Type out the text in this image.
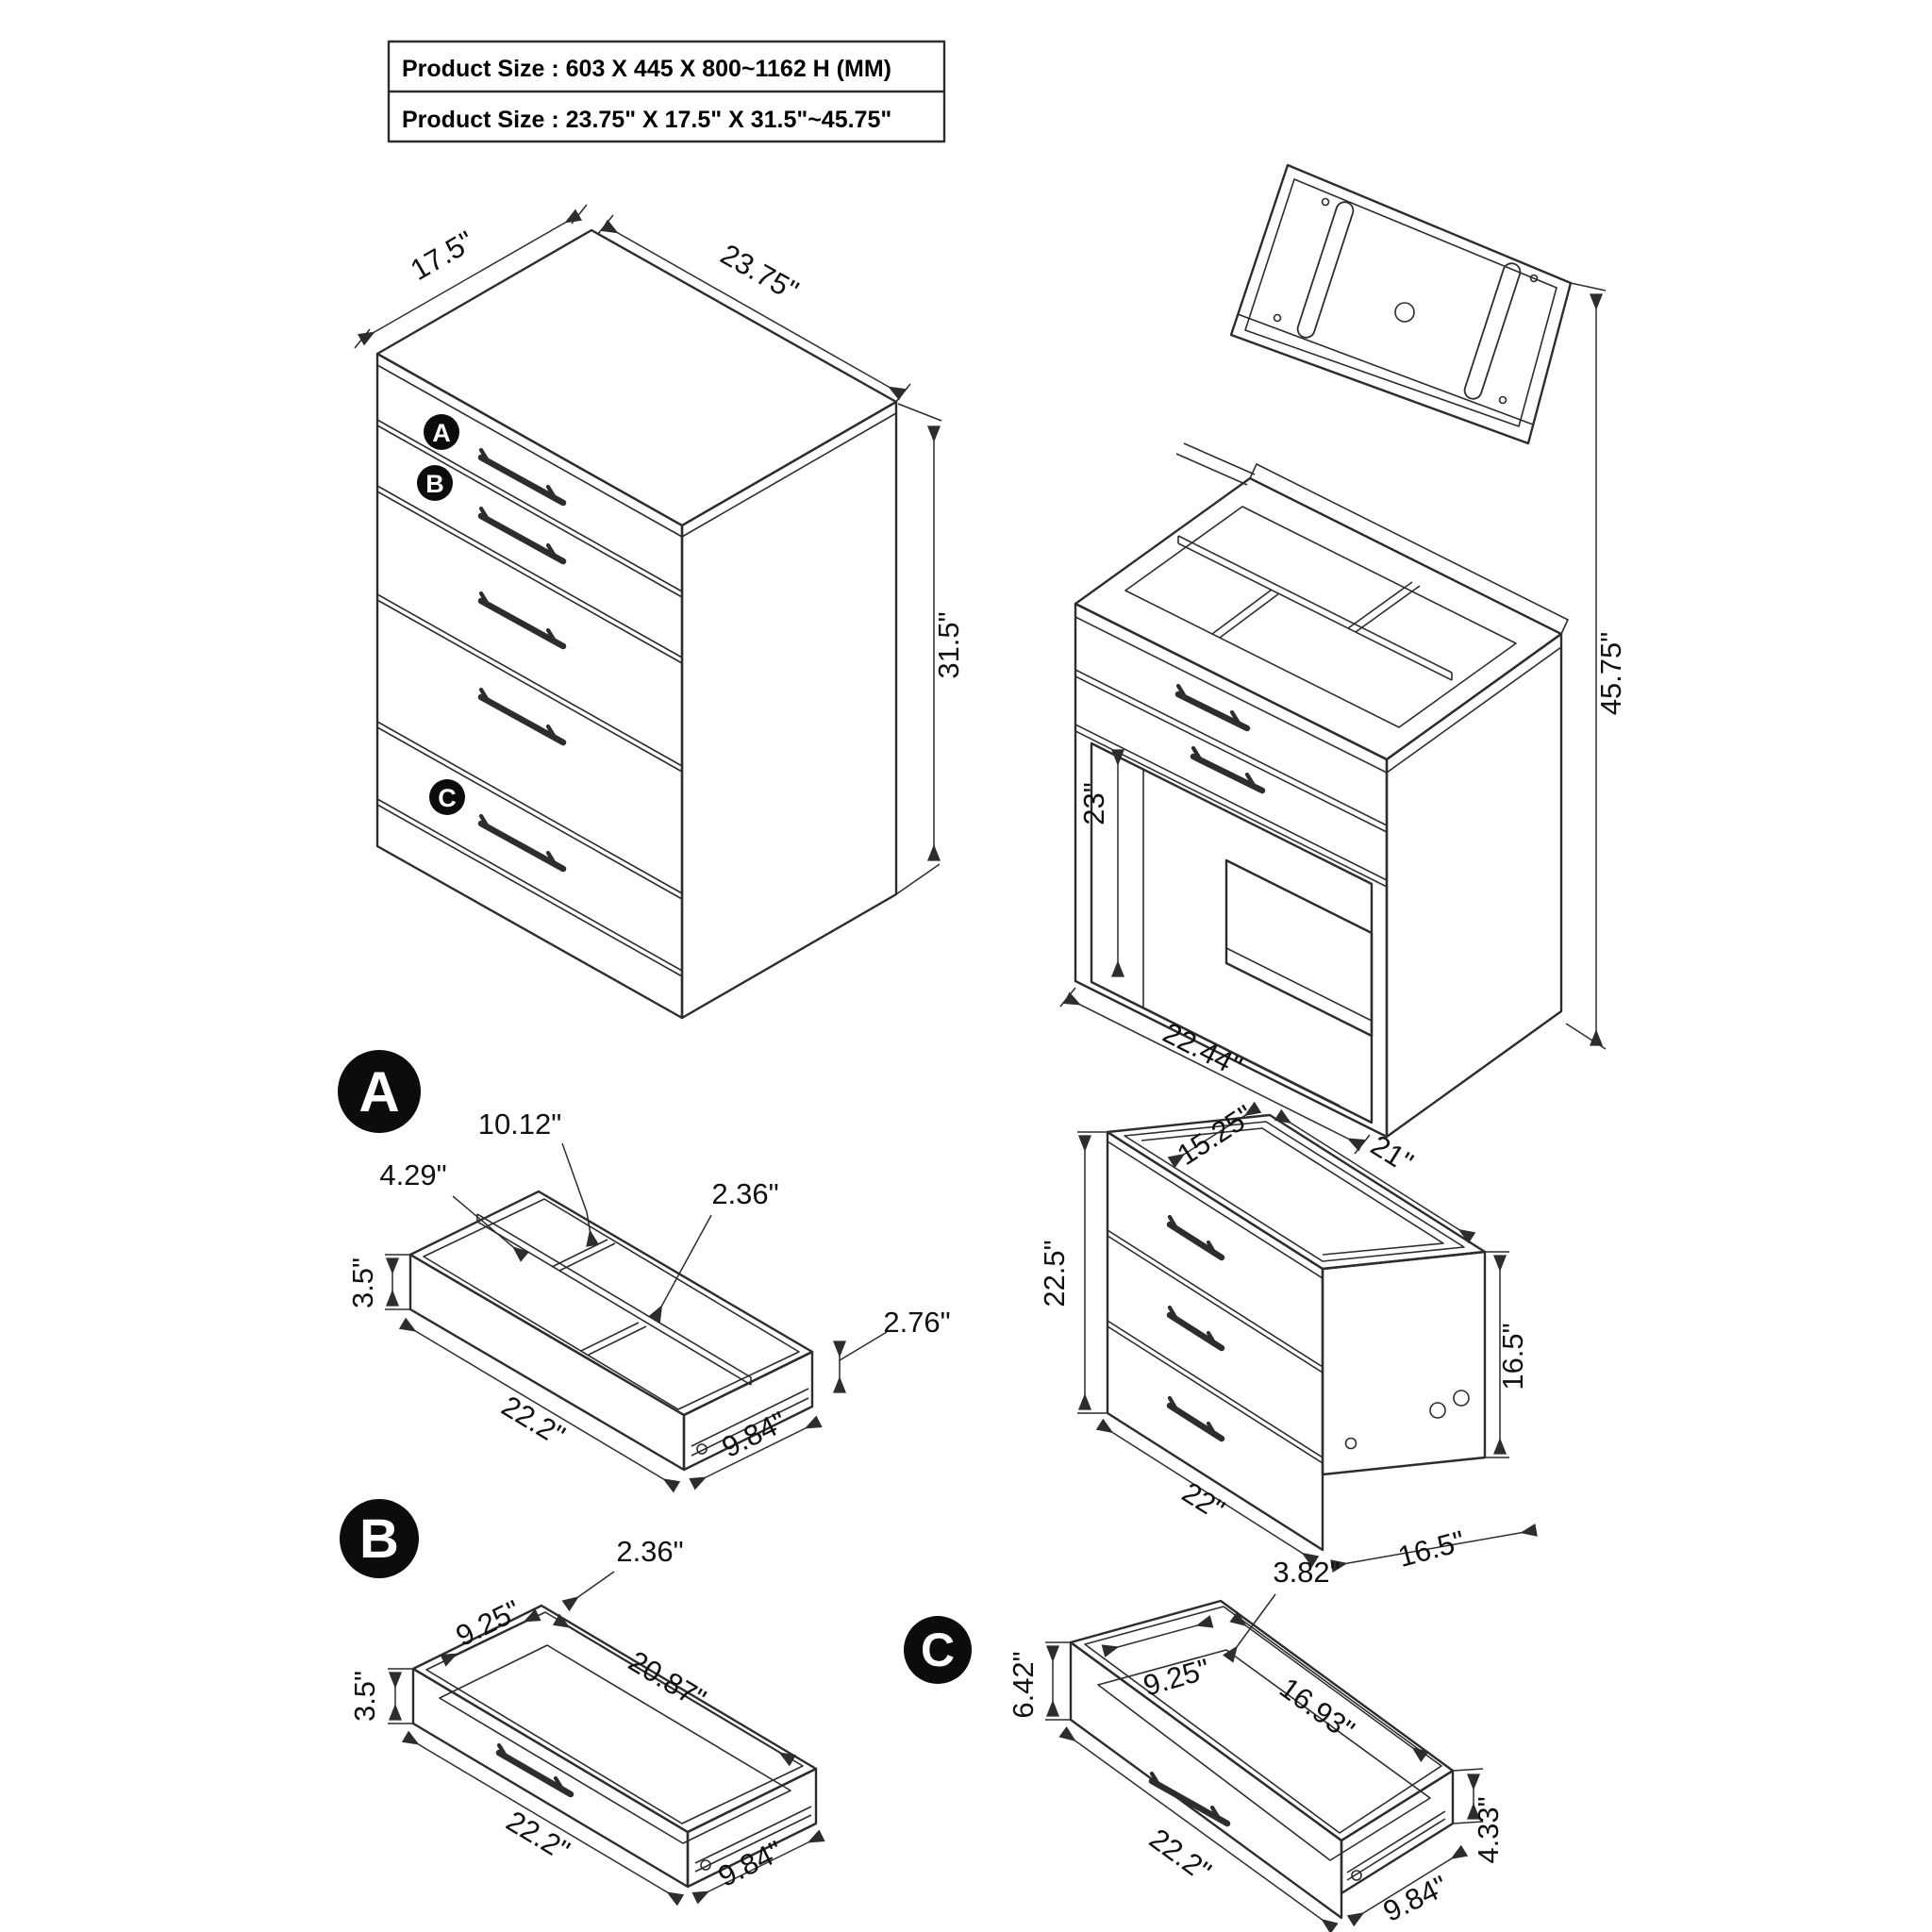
Product Size : 603 X 445 X 800~1162 H (MM)
Product Size : 23.75" X 17.5" X 31.5"~45.75"
A
B
C
17.5"	23.75"
31.5"	45.75"
23"
22.44"
22.5"
15.25"	21"
16.5"
22"
16.5"
A
10.12"
4.29"
2.36"
3.5"
22.2"	9.84"
2.76"
B	2.36"
9.25"
20.87"
3.5"
22.2"	9.84"
C
3.82"
9.25" 16.93"
6.42"
4.33"
22.2"
9.84"
